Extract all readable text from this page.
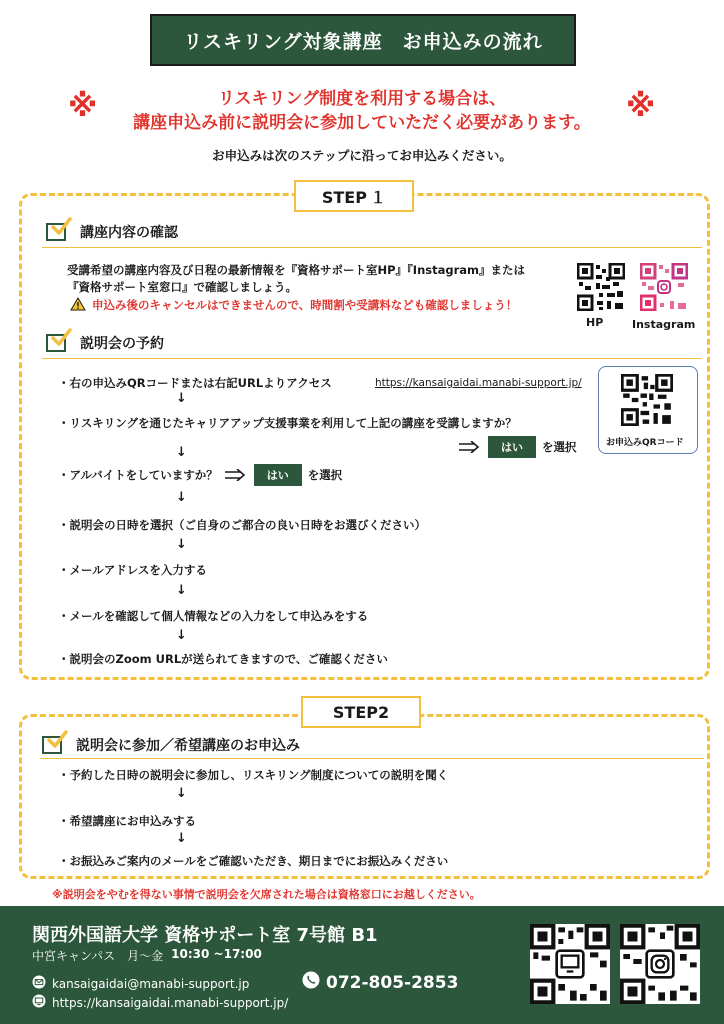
リスキリング対象講座　お申込みの流れ
※	※
リスキリング制度を利用する場合は、
講座申込み前に説明会に参加していただく必要があります。
お申込みは次のステップに沿ってお申込みください。
STEP １
講座内容の確認
受講希望の講座内容及び日程の最新情報を『資格サポート室HP』『Instagram』または
『資格サポート室窓口』で確認しましょう。
申込み後のキャンセルはできませんので、時間割や受講料なども確認しましょう！
HP	Instagram
説明会の予約
・右の申込みQRコードまたは右記URLよりアクセス	https://kansaigaidai.manabi-support.jp/
↓
・リスキリングを通じたキャリアアップ支援事業を利用して上記の講座を受講しますか？
↓	はい	を選択
・アルバイトをしていますか？	はい	を選択
↓
・説明会の日時を選択（ご自身のご都合の良い日時をお選びください）
↓
・メールアドレスを入力する
↓
・メールを確認して個人情報などの入力をして申込みをする
↓
・説明会のZoom URLが送られてきますので、ご確認ください
お申込みQRコード
STEP2
説明会に参加／希望講座のお申込み
・予約した日時の説明会に参加し、リスキリング制度についての説明を聞く
↓
・希望講座にお申込みする
↓
・お振込みご案内のメールをご確認いただき、期日までにお振込みください
※説明会をやむを得ない事情で説明会を欠席された場合は資格窓口にお越しください。
関西外国語大学 資格サポート室 7号館 B1
中宮キャンパス　月〜金 10:30 ~17:00
kansaigaidai@manabi-support.jp	072-805-2853
https://kansaigaidai.manabi-support.jp/
